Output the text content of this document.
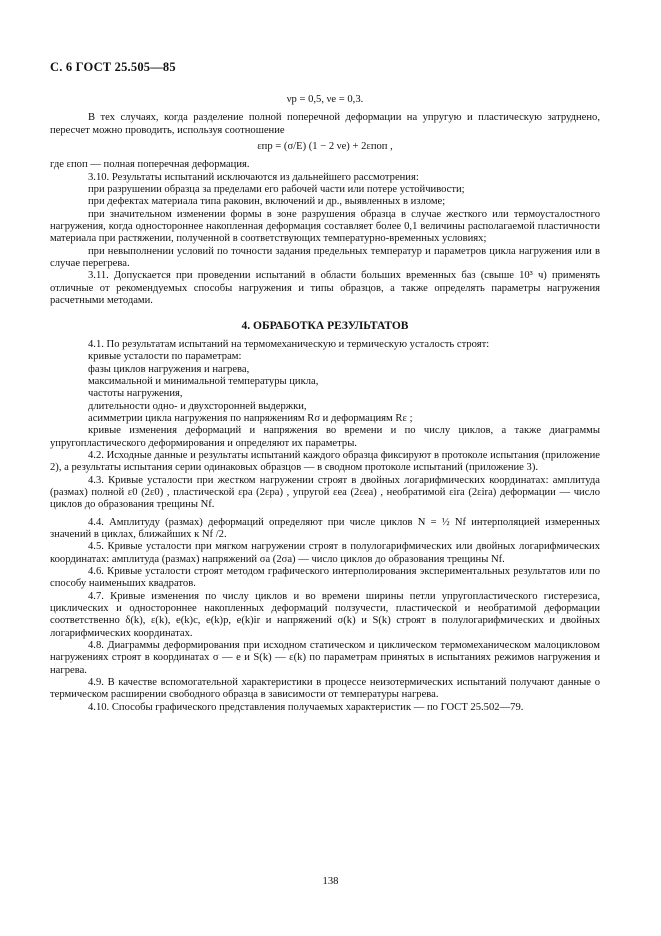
С. 6 ГОСТ 25.505—85
νp = 0,5, νe = 0,3.

В тех случаях, когда разделение полной поперечной деформации на упругую и пластическую затруднено, пересчет можно проводить, используя соотношение

εпр = (σ/E) (1 − 2 νe) + 2εпоп ,

где εпоп — полная поперечная деформация.

3.10. Результаты испытаний исключаются из дальнейшего рассмотрения:

при разрушении образца за пределами его рабочей части или потере устойчивости;

при дефектах материала типа раковин, включений и др., выявленных в изломе;

при значительном изменении формы в зоне разрушения образца в случае жесткого или термоусталостного нагружения, когда одностороннее накопленная деформация составляет более 0,1 величины располагаемой пластичности материала при растяжении, полученной в соответствующих температурно-временных условиях;

при невыполнении условий по точности задания предельных температур и параметров цикла нагружения или в случае перегрева.

3.11. Допускается при проведении испытаний в области больших временных баз (свыше 10³ ч) применять отличные от рекомендуемых способы нагружения и типы образцов, а также определять параметры нагружения расчетными методами.

4. ОБРАБОТКА РЕЗУЛЬТАТОВ

4.1. По результатам испытаний на термомеханическую и термическую усталость строят:

кривые усталости по параметрам:

фазы циклов нагружения и нагрева,

максимальной и минимальной температуры цикла,

частоты нагружения,

длительности одно- и двухсторонней выдержки,

асимметрии цикла нагружения по напряжениям Rσ и деформациям Rε ;

кривые изменения деформаций и напряжения во времени и по числу циклов, а также диаграммы упругопластического деформирования и определяют их параметры.

4.2. Исходные данные и результаты испытаний каждого образца фиксируют в протоколе испытания (приложение 2), а результаты испытания серии одинаковых образцов — в сводном протоколе испытаний (приложение 3).

4.3. Кривые усталости при жестком нагружении строят в двойных логарифмических координатах: амплитуда (размах) полной ε0 (2ε0) , пластической εpa (2εpa) , упругой εea (2εea) , необратимой εira (2εira) деформации — число циклов до образования трещины Nf.

4.4. Амплитуду (размах) деформаций определяют при числе циклов N = ½ Nf интерполяцией измеренных значений в циклах, ближайших к Nf /2.

4.5. Кривые усталости при мягком нагружении строят в полулогарифмических или двойных логарифмических координатах: амплитуда (размах) напряжений σа (2σа) — число циклов до образования трещины Nf.

4.6. Кривые усталости строят методом графического интерполирования экспериментальных результатов или по способу наименьших квадратов.

4.7. Кривые изменения по числу циклов и во времени ширины петли упругопластического гистерезиса, циклических и одностороннее накопленных деформаций ползучести, пластической и необратимой деформации соответственно δ(k), ε(k), e(k)c, e(k)p, e(k)ir и напряжений σ(k) и S(k) строят в полулогарифмических и двойных логарифмических координатах.

4.8. Диаграммы деформирования при исходном статическом и циклическом термомеханическом малоцикловом нагружениях строят в координатах σ — e и S(k) — ε(k) по параметрам принятых в испытаниях режимов нагружения и нагрева.

4.9. В качестве вспомогательной характеристики в процессе неизотермических испытаний получают данные о термическом расширении свободного образца в зависимости от температуры нагрева.

4.10. Способы графического представления получаемых характеристик — по ГОСТ 25.502—79.

138
